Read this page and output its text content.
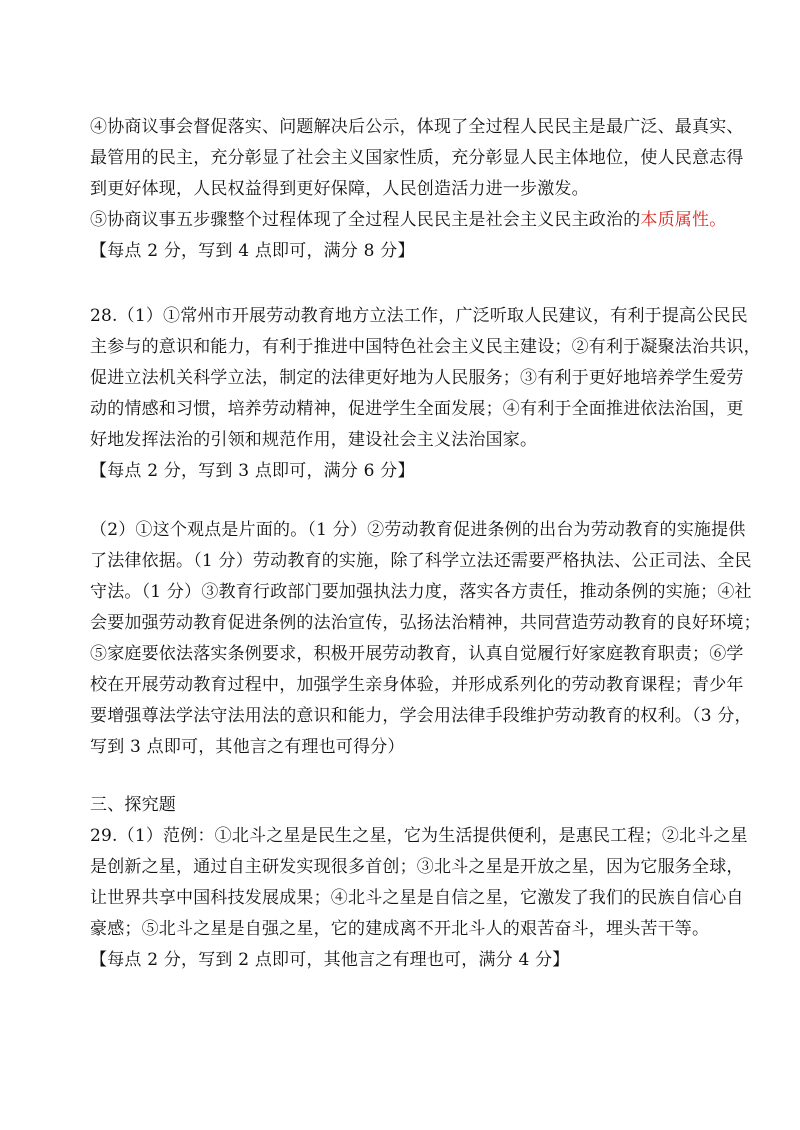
④协商议事会督促落实、问题解决后公示，体现了全过程人民民主是最广泛、最真实、
最管用的民主，充分彰显了社会主义国家性质，充分彰显人民主体地位，使人民意志得
到更好体现，人民权益得到更好保障，人民创造活力进一步激发。
⑤协商议事五步骤整个过程体现了全过程人民民主是社会主义民主政治的本质属性。
【每点 2 分，写到 4 点即可，满分 8 分】
28.（1）①常州市开展劳动教育地方立法工作，广泛听取人民建议，有利于提高公民民
主参与的意识和能力，有利于推进中国特色社会主义民主建设；②有利于凝聚法治共识，
促进立法机关科学立法，制定的法律更好地为人民服务；③有利于更好地培养学生爱劳
动的情感和习惯，培养劳动精神，促进学生全面发展；④有利于全面推进依法治国，更
好地发挥法治的引领和规范作用，建设社会主义法治国家。
【每点 2 分，写到 3 点即可，满分 6 分】
（2）①这个观点是片面的。（1 分）②劳动教育促进条例的出台为劳动教育的实施提供
了法律依据。（1 分）劳动教育的实施，除了科学立法还需要严格执法、公正司法、全民
守法。（1 分）③教育行政部门要加强执法力度，落实各方责任，推动条例的实施；④社
会要加强劳动教育促进条例的法治宣传，弘扬法治精神，共同营造劳动教育的良好环境；
⑤家庭要依法落实条例要求，积极开展劳动教育，认真自觉履行好家庭教育职责；⑥学
校在开展劳动教育过程中，加强学生亲身体验，并形成系列化的劳动教育课程；青少年
要增强尊法学法守法用法的意识和能力，学会用法律手段维护劳动教育的权利。（3 分，
写到 3 点即可，其他言之有理也可得分）
三、探究题
29.（1）范例：①北斗之星是民生之星，它为生活提供便利，是惠民工程；②北斗之星
是创新之星，通过自主研发实现很多首创；③北斗之星是开放之星，因为它服务全球，
让世界共享中国科技发展成果；④北斗之星是自信之星，它激发了我们的民族自信心自
豪感；⑤北斗之星是自强之星，它的建成离不开北斗人的艰苦奋斗，埋头苦干等。
【每点 2 分，写到 2 点即可，其他言之有理也可，满分 4 分】
